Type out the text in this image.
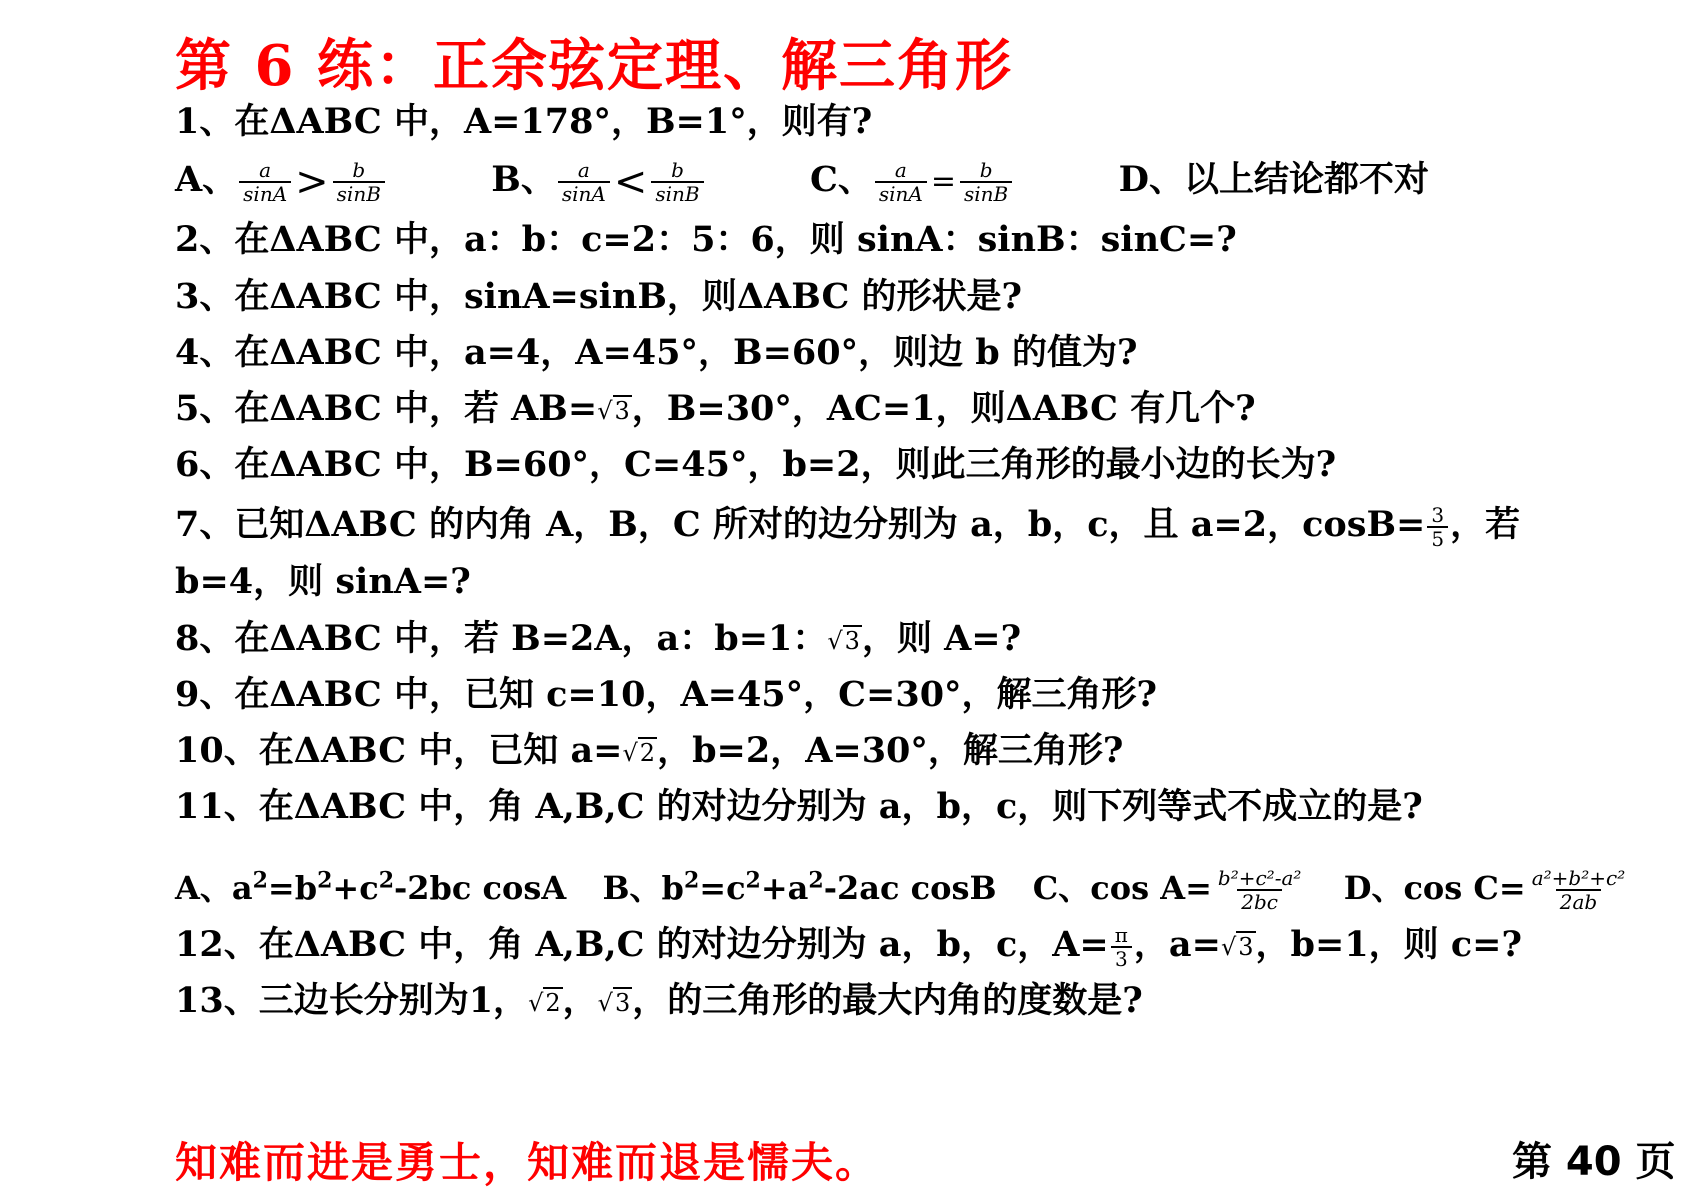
第 6 练：正余弦定理、解三角形
1、在ΔABC 中，A=178°，B=1°，则有?
A、 $\frac{a}{\sin A} > \frac{b}{\sin B}$	B、 $\frac{a}{\sin A} < \frac{b}{\sin B}$	C、 $\frac{a}{\sin A} = \frac{b}{\sin B}$	D、以上结论都不对
2、在ΔABC 中，a：b：c=2：5：6，则 sinA：sinB：sinC=?
3、在ΔABC 中，sinA=sinB，则ΔABC 的形状是?
4、在ΔABC 中，a=4，A=45°，B=60°，则边 b 的值为?
5、在ΔABC 中，若 AB=√3，B=30°，AC=1，则ΔABC 有几个?
6、在ΔABC 中，B=60°，C=45°，b=2，则此三角形的最小边的长为?
7、已知ΔABC 的内角 A，B，C 所对的边分别为 a，b，c，且 a=2，$\cos B= \frac{3}{5}$ ，若
b=4，则 sinA=?
8、在ΔABC 中，若 B=2A，a：b=1：√3，则 A=?
9、在ΔABC 中，已知 c=10，A=45°，C=30°，解三角形?
10、在ΔABC 中，已知 a=√2，b=2，A=30°，解三角形?
11、在ΔABC 中，角 A,B,C 的对边分别为 a，b，c，则下列等式不成立的是?
A、$a^2=b^2+c^2-2bc$ cosA B、$b^2=c^2+a^2-2ac$ cosB C、$\cos A= \frac{\text{b²+c²-a²}}{2bc}$ D、$\cos C= \frac{\text{a²+b²+c²}}{2ab}$
12、在ΔABC 中，角 A,B,C 的对边分别为 a，b，c，$A= \frac{\pi}{3}$ ，a=√3，b=1，则 c=?
13、三边长分别为1，√2，√3，的三角形的最大内角的度数是?
知难而进是勇士，知难而退是懦夫。	第 40 页
